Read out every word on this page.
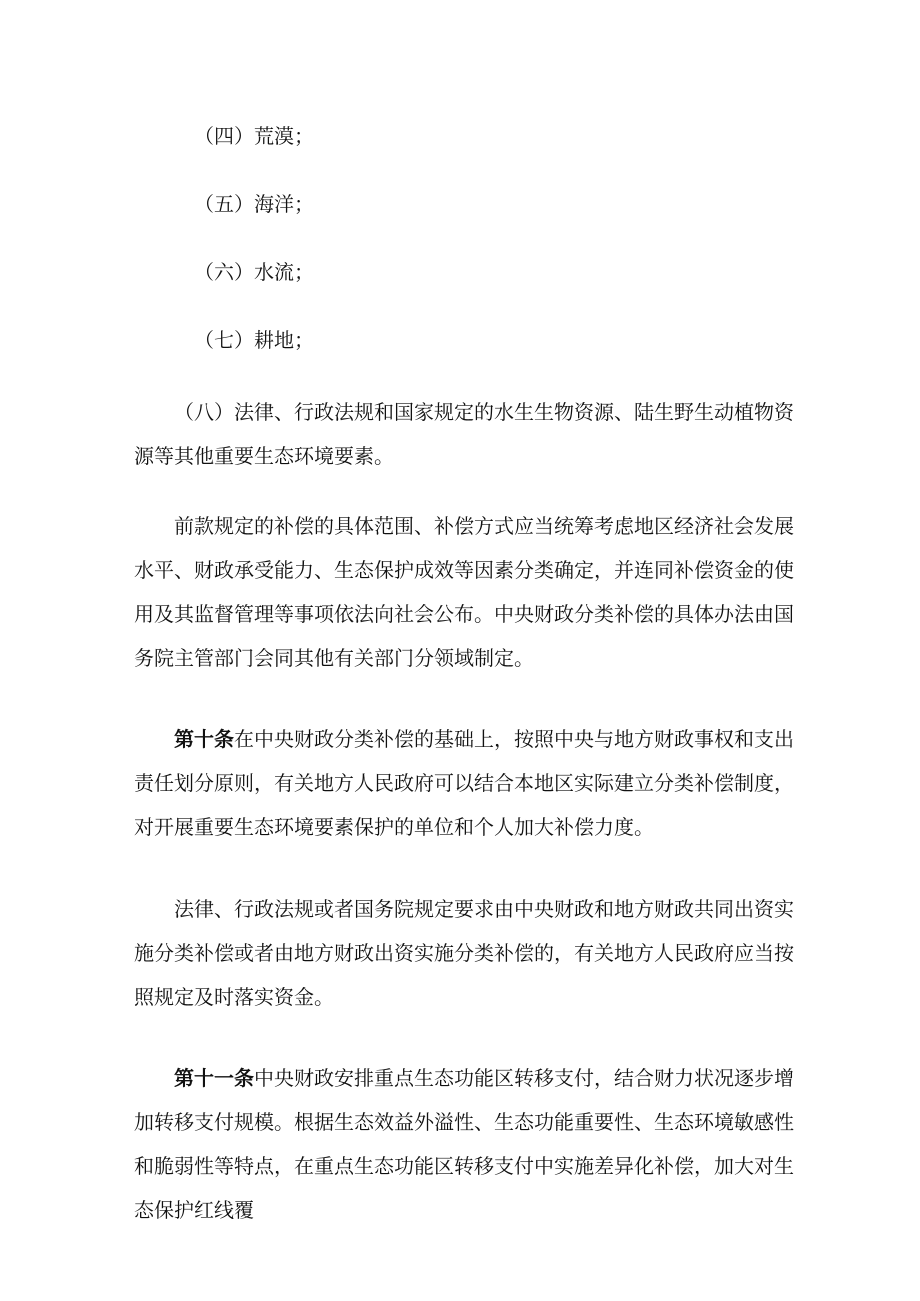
（四）荒漠；

（五）海洋；

（六）水流；

（七）耕地；

（八）法律、行政法规和国家规定的水生生物资源、陆生野生动植物资源等其他重要生态环境要素。

前款规定的补偿的具体范围、补偿方式应当统筹考虑地区经济社会发展水平、财政承受能力、生态保护成效等因素分类确定，并连同补偿资金的使用及其监督管理等事项依法向社会公布。中央财政分类补偿的具体办法由国务院主管部门会同其他有关部门分领域制定。

第十条在中央财政分类补偿的基础上，按照中央与地方财政事权和支出责任划分原则，有关地方人民政府可以结合本地区实际建立分类补偿制度，对开展重要生态环境要素保护的单位和个人加大补偿力度。

法律、行政法规或者国务院规定要求由中央财政和地方财政共同出资实施分类补偿或者由地方财政出资实施分类补偿的，有关地方人民政府应当按照规定及时落实资金。

第十一条中央财政安排重点生态功能区转移支付，结合财力状况逐步增加转移支付规模。根据生态效益外溢性、生态功能重要性、生态环境敏感性和脆弱性等特点，在重点生态功能区转移支付中实施差异化补偿，加大对生态保护红线覆
